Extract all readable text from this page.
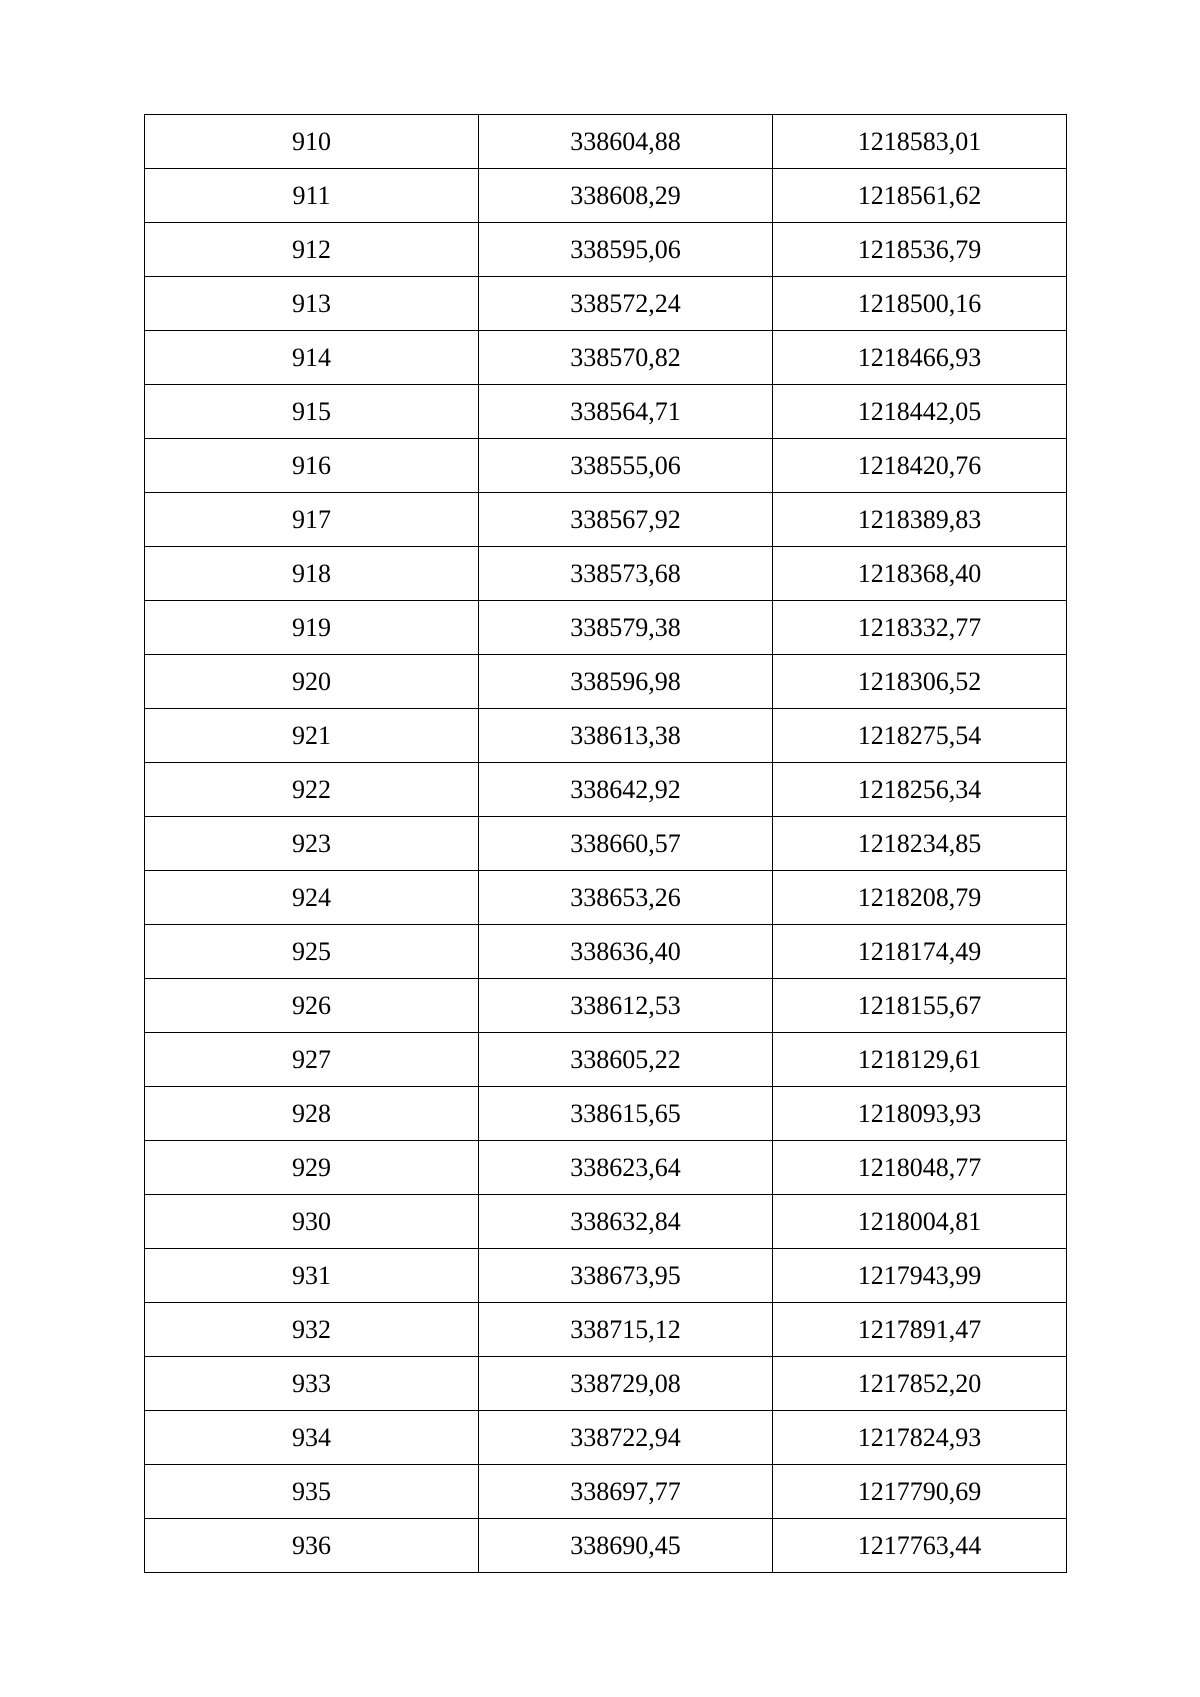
910	338604,88	1218583,01
911	338608,29	1218561,62
912	338595,06	1218536,79
913	338572,24	1218500,16
914	338570,82	1218466,93
915	338564,71	1218442,05
916	338555,06	1218420,76
917	338567,92	1218389,83
918	338573,68	1218368,40
919	338579,38	1218332,77
920	338596,98	1218306,52
921	338613,38	1218275,54
922	338642,92	1218256,34
923	338660,57	1218234,85
924	338653,26	1218208,79
925	338636,40	1218174,49
926	338612,53	1218155,67
927	338605,22	1218129,61
928	338615,65	1218093,93
929	338623,64	1218048,77
930	338632,84	1218004,81
931	338673,95	1217943,99
932	338715,12	1217891,47
933	338729,08	1217852,20
934	338722,94	1217824,93
935	338697,77	1217790,69
936	338690,45	1217763,44
